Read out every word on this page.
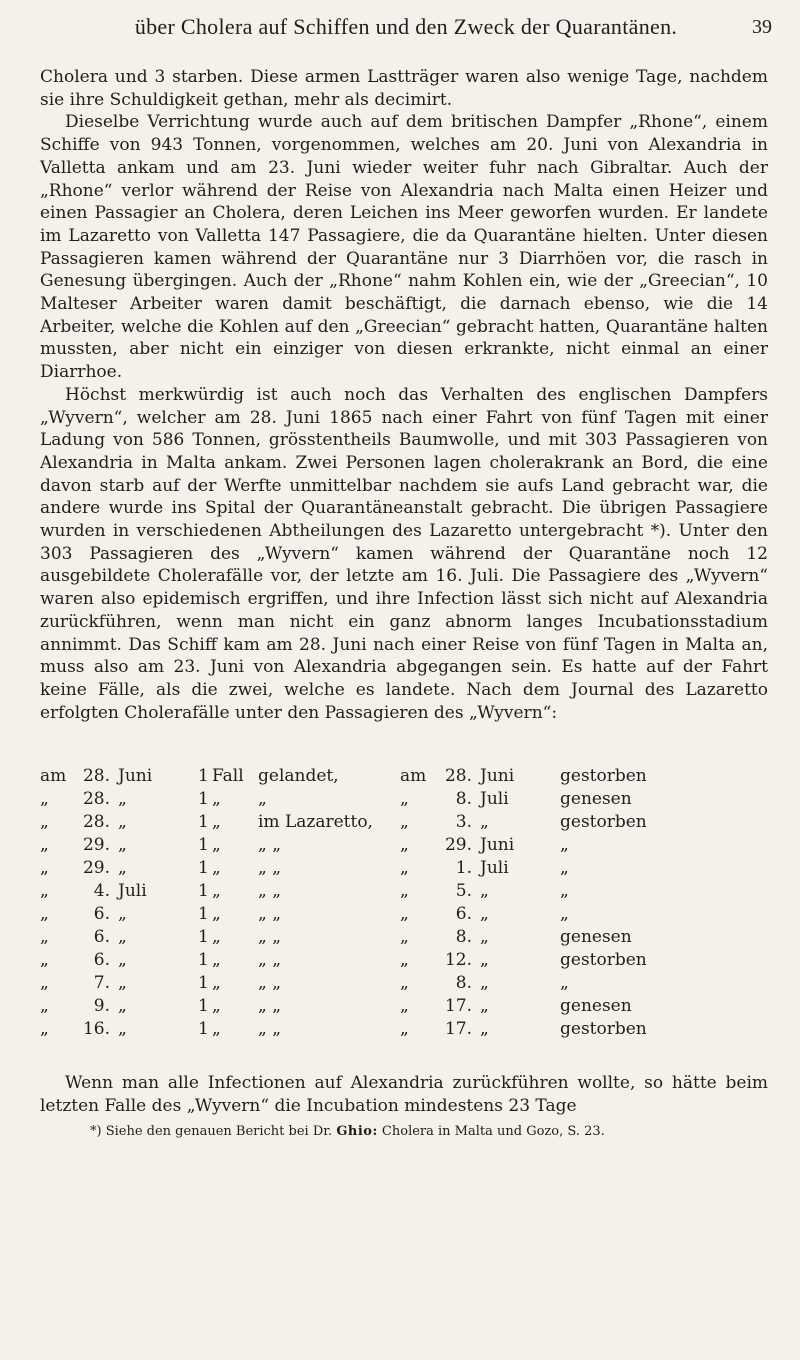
über Cholera auf Schiffen und den Zweck der Quarantänen.	39

Cholera und 3 starben. Diese armen Lastträger waren also wenige Tage, nachdem sie ihre Schuldigkeit gethan, mehr als decimirt.

Dieselbe Verrichtung wurde auch auf dem britischen Dampfer „Rhone“, einem Schiffe von 943 Tonnen, vorgenommen, welches am 20. Juni von Alexandria in Valletta ankam und am 23. Juni wieder weiter fuhr nach Gibraltar. Auch der „Rhone“ verlor während der Reise von Alexandria nach Malta einen Heizer und einen Passagier an Cholera, deren Leichen ins Meer geworfen wurden. Er landete im Lazaretto von Valletta 147 Passagiere, die da Quarantäne hielten. Unter diesen Passagieren kamen während der Quarantäne nur 3 Diarrhöen vor, die rasch in Genesung übergingen. Auch der „Rhone“ nahm Kohlen ein, wie der „Greecian“, 10 Malteser Arbeiter waren damit beschäftigt, die darnach ebenso, wie die 14 Arbeiter, welche die Kohlen auf den „Greecian“ gebracht hatten, Quarantäne halten mussten, aber nicht ein einziger von diesen erkrankte, nicht einmal an einer Diarrhoe.

Höchst merkwürdig ist auch noch das Verhalten des englischen Dampfers „Wyvern“, welcher am 28. Juni 1865 nach einer Fahrt von fünf Tagen mit einer Ladung von 586 Tonnen, grösstentheils Baumwolle, und mit 303 Passagieren von Alexandria in Malta ankam. Zwei Personen lagen cholerakrank an Bord, die eine davon starb auf der Werfte unmittelbar nachdem sie aufs Land gebracht war, die andere wurde ins Spital der Quarantäneanstalt gebracht. Die übrigen Passagiere wurden in verschiedenen Abtheilungen des Lazaretto untergebracht *). Unter den 303 Passagieren des „Wyvern“ kamen während der Quarantäne noch 12 ausgebildete Cholerafälle vor, der letzte am 16. Juli. Die Passagiere des „Wyvern“ waren also epidemisch ergriffen, und ihre Infection lässt sich nicht auf Alexandria zurückführen, wenn man nicht ein ganz abnorm langes Incubationsstadium annimmt. Das Schiff kam am 28. Juni nach einer Reise von fünf Tagen in Malta an, muss also am 23. Juni von Alexandria abgegangen sein. Es hatte auf der Fahrt keine Fälle, als die zwei, welche es landete. Nach dem Journal des Lazaretto erfolgten Cholerafälle unter den Passagieren des „Wyvern“:

am 28. Juni	1 Fall gelandet,	am	28. Juni	gestorben
„	28. „	1 „ „	„	8. Juli	genesen
„	28. „	1 „ im Lazaretto, „	3. „	gestorben
„	29. „	1 „ „ „	„	29. Juni	„
„	29. „	1 „ „ „	„	1. Juli	„
„	4. Juli	1 „ „ „	„	5. „	„
„	6. „	1 „ „ „	„	6. „	„
„	6. „	1 „ „ „	„	8. „	genesen
„	6. „	1 „ „ „	„	12. „	gestorben
„	7. „	1 „ „ „	„	8. „	„
„	9. „	1 „ „ „	„	17. „	genesen
„	16. „	1 „ „ „	„	17. „	gestorben

Wenn man alle Infectionen auf Alexandria zurückführen wollte, so hätte beim letzten Falle des „Wyvern“ die Incubation mindestens 23 Tage

*) Siehe den genauen Bericht bei Dr. Ghio: Cholera in Malta und Gozo, S. 23.
